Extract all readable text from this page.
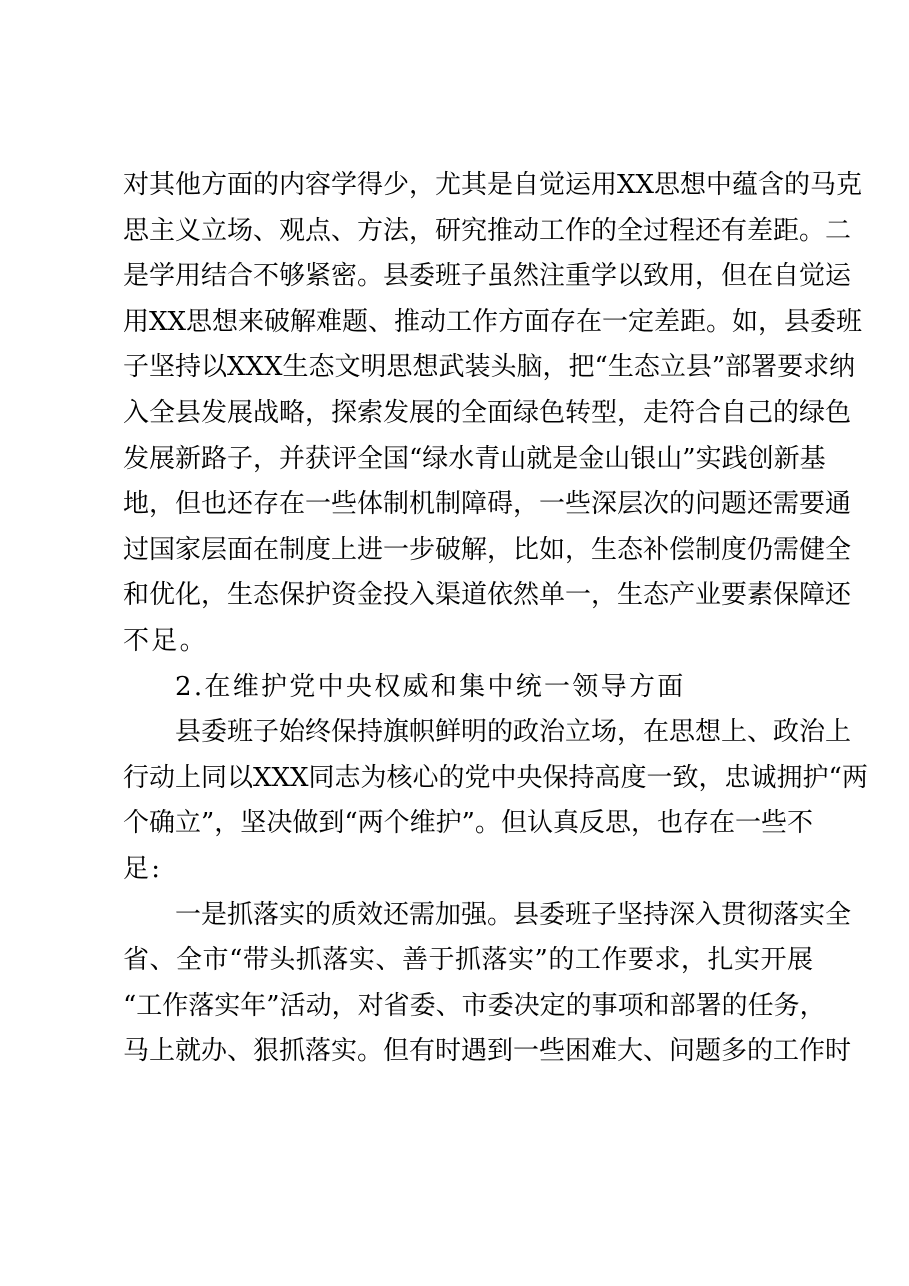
对其他方面的内容学得少，尤其是自觉运用XX思想中蕴含的马克
思主义立场、观点、方法，研究推动工作的全过程还有差距。二
是学用结合不够紧密。县委班子虽然注重学以致用，但在自觉运
用XX思想来破解难题、推动工作方面存在一定差距。如，县委班
子坚持以XXX生态文明思想武装头脑，把“生态立县”部署要求纳
入全县发展战略，探索发展的全面绿色转型，走符合自己的绿色
发展新路子，并获评全国“绿水青山就是金山银山”实践创新基
地，但也还存在一些体制机制障碍，一些深层次的问题还需要通
过国家层面在制度上进一步破解，比如，生态补偿制度仍需健全
和优化，生态保护资金投入渠道依然单一，生态产业要素保障还
不足。
2.在维护党中央权威和集中统一领导方面
县委班子始终保持旗帜鲜明的政治立场，在思想上、政治上
行动上同以XXX同志为核心的党中央保持高度一致，忠诚拥护“两
个确立”，坚决做到“两个维护”。但认真反思，也存在一些不
足:
一是抓落实的质效还需加强。县委班子坚持深入贯彻落实全
省、全市“带头抓落实、善于抓落实”的工作要求，扎实开展
“工作落实年”活动，对省委、市委决定的事项和部署的任务，
马上就办、狠抓落实。但有时遇到一些困难大、问题多的工作时
